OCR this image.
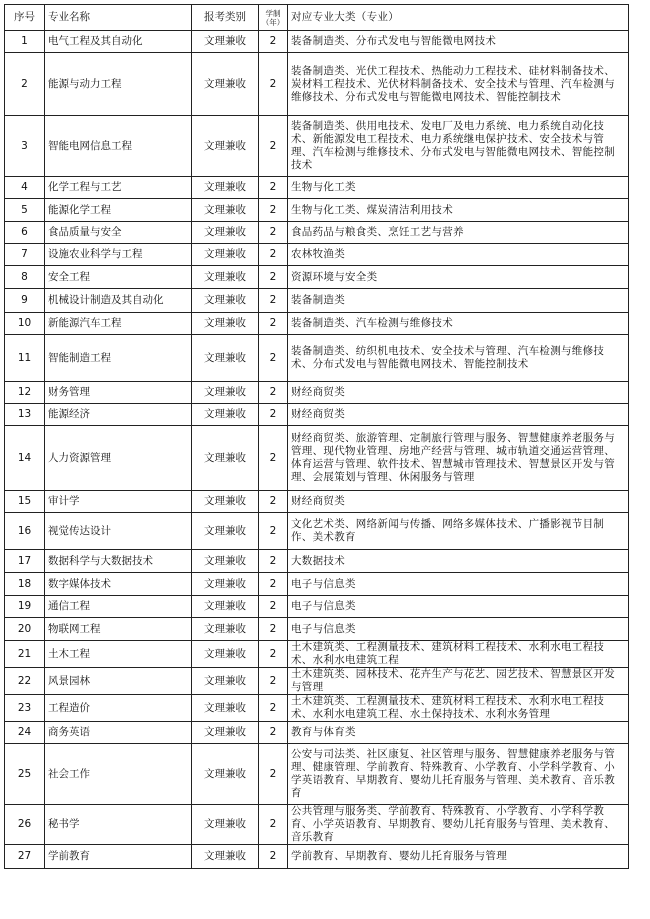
序号	专业名称	报考类别	学制（年）	对应专业大类（专业）
1	电气工程及其自动化	文理兼收	2	装备制造类、分布式发电与智能微电网技术
2	能源与动力工程	文理兼收	2	装备制造类、光伏工程技术、热能动力工程技术、硅材料制备技术、炭材料工程技术、光伏材料制备技术、安全技术与管理、汽车检测与维修技术、分布式发电与智能微电网技术、智能控制技术
3	智能电网信息工程	文理兼收	2	装备制造类、供用电技术、发电厂及电力系统、电力系统自动化技术、新能源发电工程技术、电力系统继电保护技术、安全技术与管理、汽车检测与维修技术、分布式发电与智能微电网技术、智能控制技术
4	化学工程与工艺	文理兼收	2	生物与化工类
5	能源化学工程	文理兼收	2	生物与化工类、煤炭清洁利用技术
6	食品质量与安全	文理兼收	2	食品药品与粮食类、烹饪工艺与营养
7	设施农业科学与工程	文理兼收	2	农林牧渔类
8	安全工程	文理兼收	2	资源环境与安全类
9	机械设计制造及其自动化	文理兼收	2	装备制造类
10	新能源汽车工程	文理兼收	2	装备制造类、汽车检测与维修技术
11	智能制造工程	文理兼收	2	装备制造类、纺织机电技术、安全技术与管理、汽车检测与维修技术、分布式发电与智能微电网技术、智能控制技术
12	财务管理	文理兼收	2	财经商贸类
13	能源经济	文理兼收	2	财经商贸类
14	人力资源管理	文理兼收	2	财经商贸类、旅游管理、定制旅行管理与服务、智慧健康养老服务与管理、现代物业管理、房地产经营与管理、城市轨道交通运营管理、体育运营与管理、软件技术、智慧城市管理技术、智慧景区开发与管理、会展策划与管理、休闲服务与管理
15	审计学	文理兼收	2	财经商贸类
16	视觉传达设计	文理兼收	2	文化艺术类、网络新闻与传播、网络多媒体技术、广播影视节目制作、美术教育
17	数据科学与大数据技术	文理兼收	2	大数据技术
18	数字媒体技术	文理兼收	2	电子与信息类
19	通信工程	文理兼收	2	电子与信息类
20	物联网工程	文理兼收	2	电子与信息类
21	土木工程	文理兼收	2	土木建筑类、工程测量技术、建筑材料工程技术、水利水电工程技术、水利水电建筑工程
22	风景园林	文理兼收	2	土木建筑类、园林技术、花卉生产与花艺、园艺技术、智慧景区开发与管理
23	工程造价	文理兼收	2	土木建筑类、工程测量技术、建筑材料工程技术、水利水电工程技术、水利水电建筑工程、水土保持技术、水利水务管理
24	商务英语	文理兼收	2	教育与体育类
25	社会工作	文理兼收	2	公安与司法类、社区康复、社区管理与服务、智慧健康养老服务与管理、健康管理、学前教育、特殊教育、小学教育、小学科学教育、小学英语教育、早期教育、婴幼儿托育服务与管理、美术教育、音乐教育
26	秘书学	文理兼收	2	公共管理与服务类、学前教育、特殊教育、小学教育、小学科学教育、小学英语教育、早期教育、婴幼儿托育服务与管理、美术教育、音乐教育
27	学前教育	文理兼收	2	学前教育、早期教育、婴幼儿托育服务与管理
